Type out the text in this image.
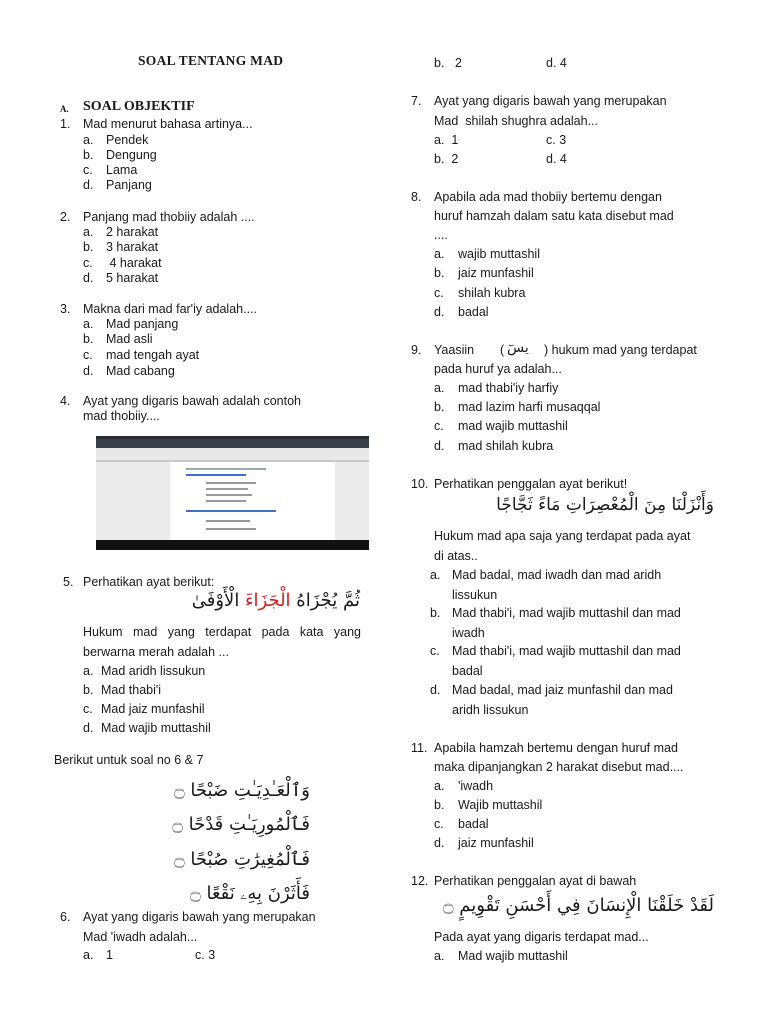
SOAL TENTANG MAD
A. SOAL OBJEKTIF
1. Mad menurut bahasa artinya...
a. Pendek
b. Dengung
c. Lama
d. Panjang
2. Panjang mad thobiiy adalah ....
a. 2 harakat
b. 3 harakat
c. 4 harakat
d. 5 harakat
3. Makna dari mad far'iy adalah....
a. Mad panjang
b. Mad asli
c. mad tengah ayat
d. Mad cabang
4. Ayat yang digaris bawah adalah contoh
mad thobiiy....
5. Perhatikan ayat berikut:
ثُمَّ يُجْزَاهُ الْجَزَاءَ الْأَوْفَىٰ
Hukum mad yang terdapat pada kata yang berwarna merah adalah ...
a. Mad aridh lissukun
b. Mad thabi'i
c. Mad jaiz munfashil
d. Mad wajib muttashil
Berikut untuk soal no 6 & 7
وَٱلْعَـٰدِيَـٰتِ ضَبْحًا ۝
فَٱلْمُورِيَـٰتِ قَدْحًا ۝
فَٱلْمُغِيرَٰتِ صُبْحًا ۝
فَأَثَرْنَ بِهِۦ نَقْعًا ۝
6. Ayat yang digaris bawah yang merupakan
Mad 'iwadh adalah...
a. 1	c. 3
b. 2	d. 4
7. Ayat yang digaris bawah yang merupakan
Mad  shilah shughra adalah...
a.  1	c. 3
b.  2	d. 4
8. Apabila ada mad thobiiy bertemu dengan
huruf hamzah dalam satu kata disebut mad
....
a. wajib muttashil
b. jaiz munfashil
c. shilah kubra
d. badal
9. Yaasiin ( يسٓ ) hukum mad yang terdapat
pada huruf ya adalah...
a. mad thabi'iy harfiy
b. mad lazim harfi musaqqal
c. mad wajib muttashil
d. mad shilah kubra
10. Perhatikan penggalan ayat berikut!
وَأَنْزَلْنَا مِنَ الْمُعْصِرَاتِ مَاءً ثَجَّاجًا
Hukum mad apa saja yang terdapat pada ayat
di atas..
a. Mad badal, mad iwadh dan mad aridh
lissukun
b. Mad thabi'i, mad wajib muttashil dan mad
iwadh
c. Mad thabi'i, mad wajib muttashil dan mad
badal
d. Mad badal, mad jaiz munfashil dan mad
aridh lissukun
11. Apabila hamzah bertemu dengan huruf mad
maka dipanjangkan 2 harakat disebut mad....
a. 'iwadh
b. Wajib muttashil
c. badal
d. jaiz munfashil
12. Perhatikan penggalan ayat di bawah
لَقَدْ خَلَقْنَا الْإِنسَانَ فِي أَحْسَنِ تَقْوِيمٍ ۝
Pada ayat yang digaris terdapat mad...
a. Mad wajib muttashil
